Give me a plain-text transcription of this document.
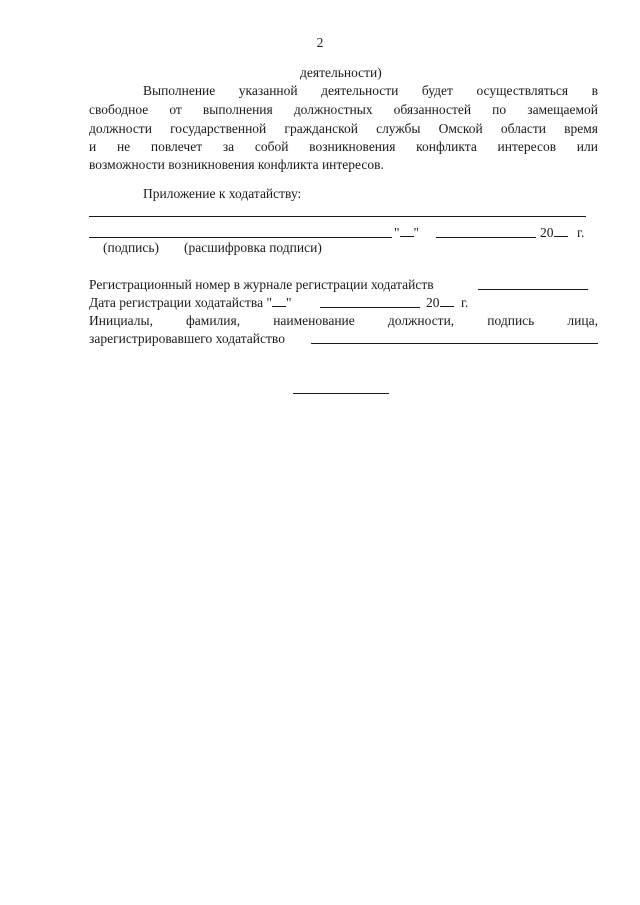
2
деятельности)
Выполнение указанной деятельности будет осуществляться в
свободное от выполнения должностных обязанностей по замещаемой
должности государственной гражданской службы Омской области время
и не повлечет за собой возникновения конфликта интересов или
возможности возникновения конфликта интересов.
Приложение к ходатайству:
" "	20	г.
(подпись) (расшифровка подписи)
Регистрационный номер в журнале регистрации ходатайств
Дата регистрации ходатайства " "	20	г.
Инициалы, фамилия, наименование должности, подпись лица,
зарегистрировавшего ходатайство
